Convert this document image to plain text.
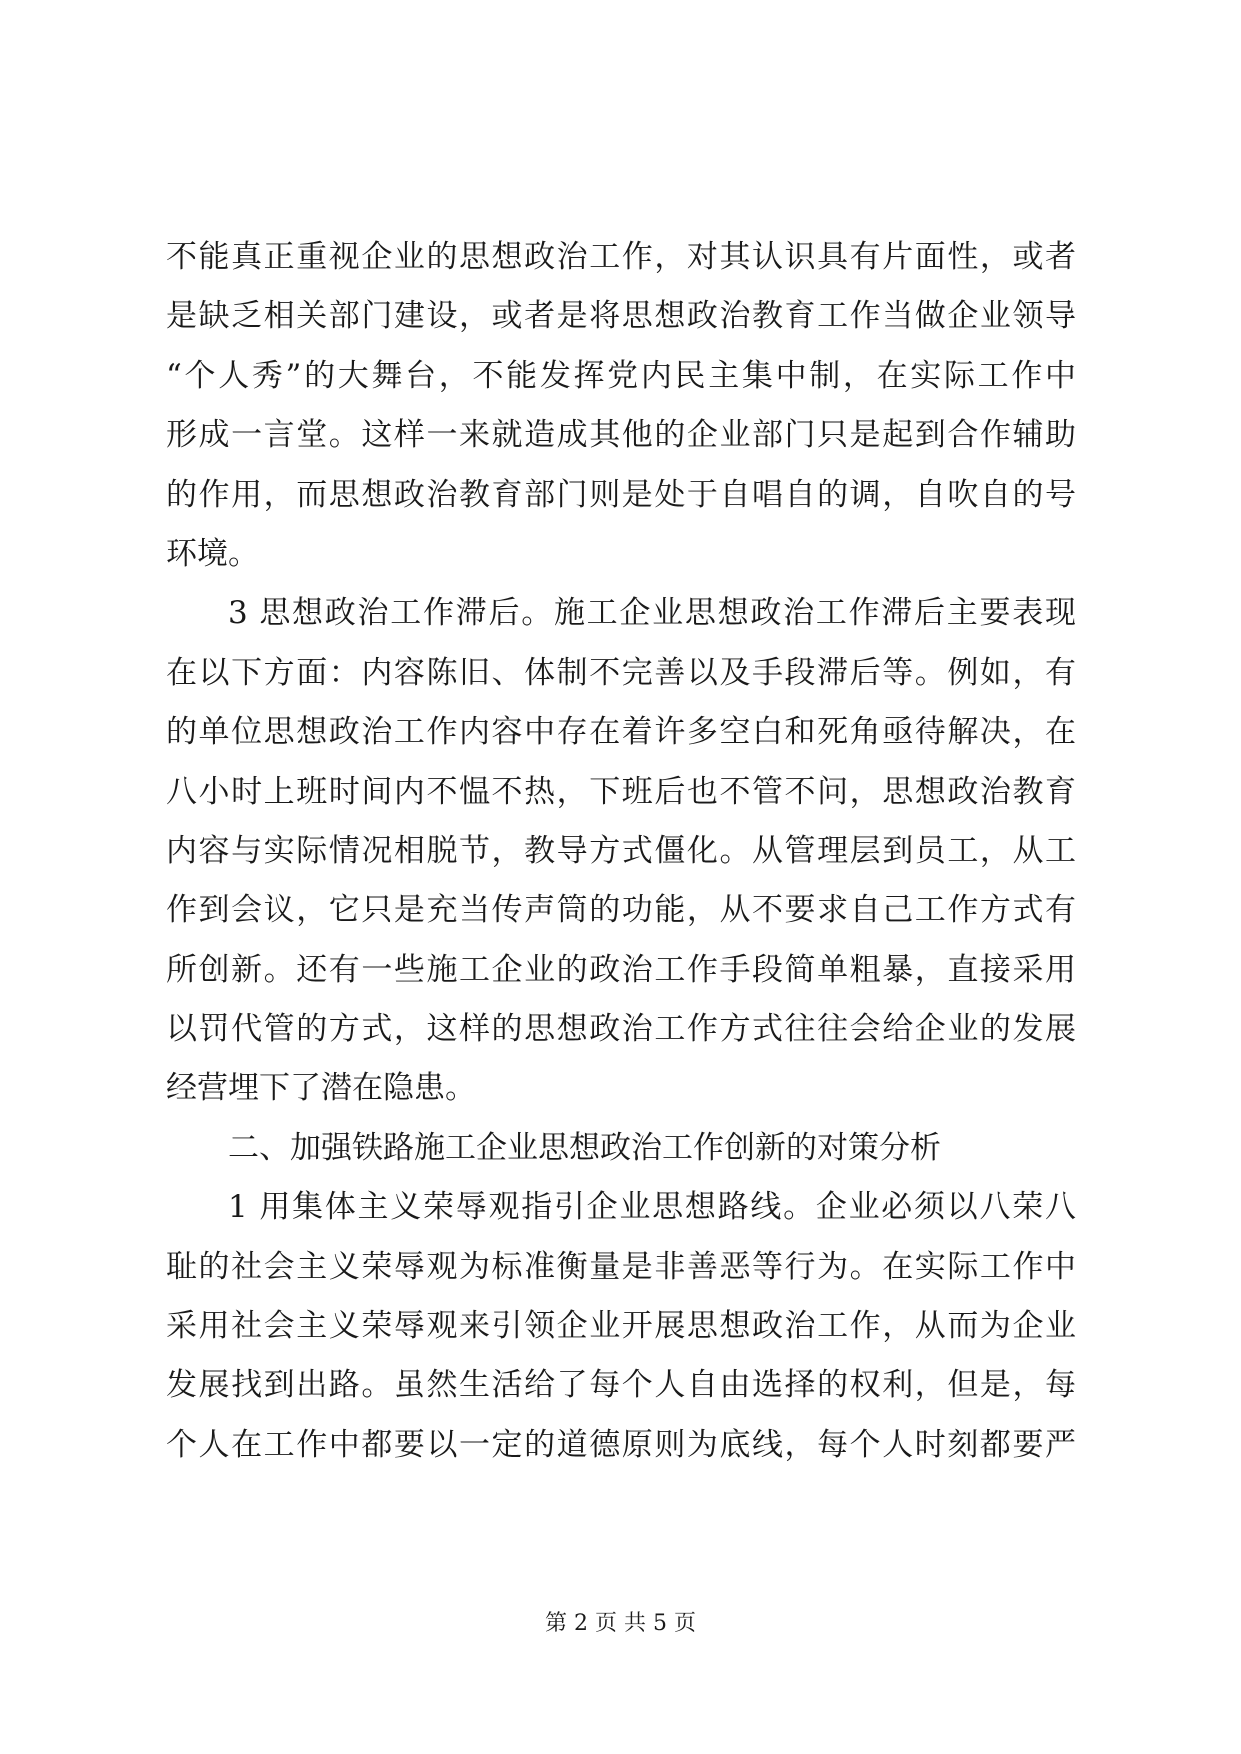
不能真正重视企业的思想政治工作，对其认识具有片面性，或者
是缺乏相关部门建设，或者是将思想政治教育工作当做企业领导
“个人秀”的大舞台，不能发挥党内民主集中制，在实际工作中
形成一言堂。这样一来就造成其他的企业部门只是起到合作辅助
的作用，而思想政治教育部门则是处于自唱自的调，自吹自的号
环境。
3 思想政治工作滞后。施工企业思想政治工作滞后主要表现
在以下方面：内容陈旧、体制不完善以及手段滞后等。例如，有
的单位思想政治工作内容中存在着许多空白和死角亟待解决，在
八小时上班时间内不愠不热，下班后也不管不问，思想政治教育
内容与实际情况相脱节，教导方式僵化。从管理层到员工，从工
作到会议，它只是充当传声筒的功能，从不要求自己工作方式有
所创新。还有一些施工企业的政治工作手段简单粗暴，直接采用
以罚代管的方式，这样的思想政治工作方式往往会给企业的发展
经营埋下了潜在隐患。
二、加强铁路施工企业思想政治工作创新的对策分析
1 用集体主义荣辱观指引企业思想路线。企业必须以八荣八
耻的社会主义荣辱观为标准衡量是非善恶等行为。在实际工作中
采用社会主义荣辱观来引领企业开展思想政治工作，从而为企业
发展找到出路。虽然生活给了每个人自由选择的权利，但是，每
个人在工作中都要以一定的道德原则为底线，每个人时刻都要严
第 2 页 共 5 页
